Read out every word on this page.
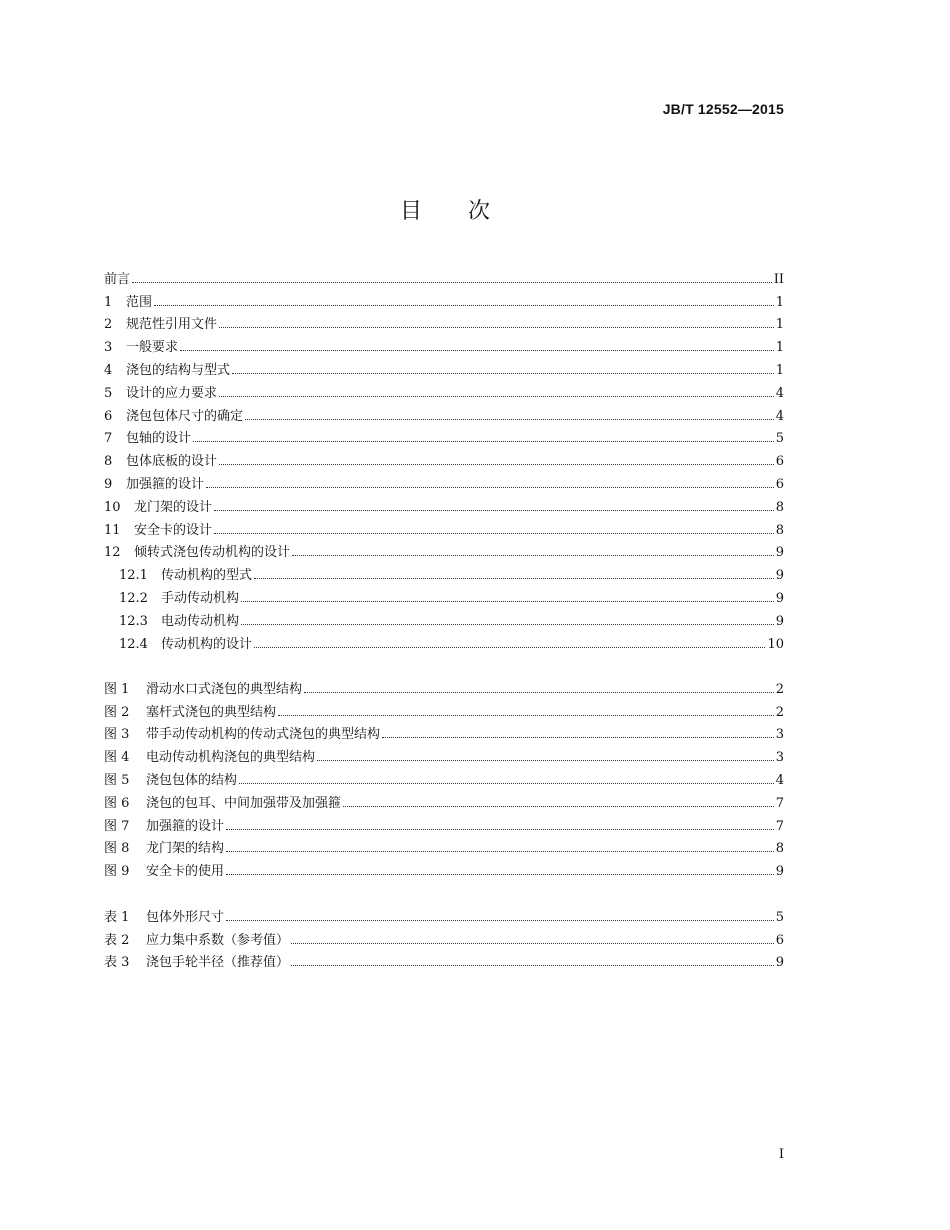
JB/T 12552—2015
目 次
前言	II
1	范围	1
2	规范性引用文件	1
3	一般要求	1
4	浇包的结构与型式	1
5	设计的应力要求	4
6	浇包包体尺寸的确定	4
7	包轴的设计	5
8	包体底板的设计	6
9	加强箍的设计	6
10	龙门架的设计	8
11	安全卡的设计	8
12	倾转式浇包传动机构的设计	9
12.1	传动机构的型式	9
12.2	手动传动机构	9
12.3	电动传动机构	9
12.4	传动机构的设计	10
图 1	滑动水口式浇包的典型结构	2
图 2	塞杆式浇包的典型结构	2
图 3	带手动传动机构的传动式浇包的典型结构	3
图 4	电动传动机构浇包的典型结构	3
图 5	浇包包体的结构	4
图 6	浇包的包耳、中间加强带及加强箍	7
图 7	加强箍的设计	7
图 8	龙门架的结构	8
图 9	安全卡的使用	9
表 1	包体外形尺寸	5
表 2	应力集中系数（参考值）	6
表 3	浇包手轮半径（推荐值）	9
I
